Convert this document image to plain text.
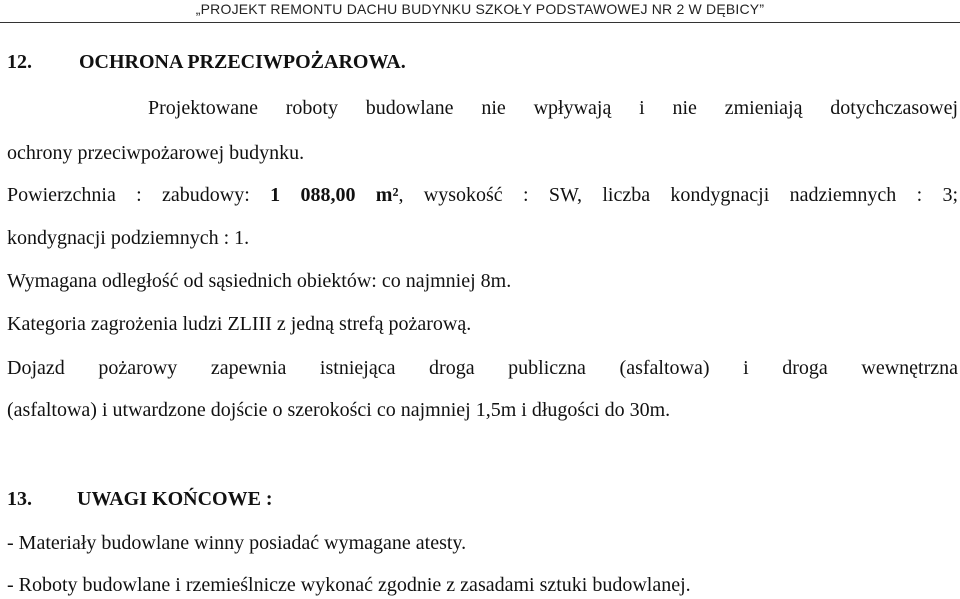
„PROJEKT REMONTU DACHU BUDYNKU SZKOŁY PODSTAWOWEJ NR 2 W DĘBICY”
12. OCHRONA PRZECIWPOŻAROWA.
Projektowane roboty budowlane nie wpływają i nie zmieniają dotychczasowej
ochrony przeciwpożarowej budynku.
Powierzchnia : zabudowy: 1 088,00 m², wysokość : SW, liczba kondygnacji nadziemnych : 3;
kondygnacji podziemnych : 1.
Wymagana odległość od sąsiednich obiektów: co najmniej 8m.
Kategoria zagrożenia ludzi ZLIII z jedną strefą pożarową.
Dojazd pożarowy zapewnia istniejąca droga publiczna (asfaltowa) i droga wewnętrzna
(asfaltowa) i utwardzone dojście o szerokości co najmniej 1,5m i długości do 30m.
13. UWAGI KOŃCOWE :
- Materiały budowlane winny posiadać wymagane atesty.
- Roboty budowlane i rzemieślnicze wykonać zgodnie z zasadami sztuki budowlanej.
